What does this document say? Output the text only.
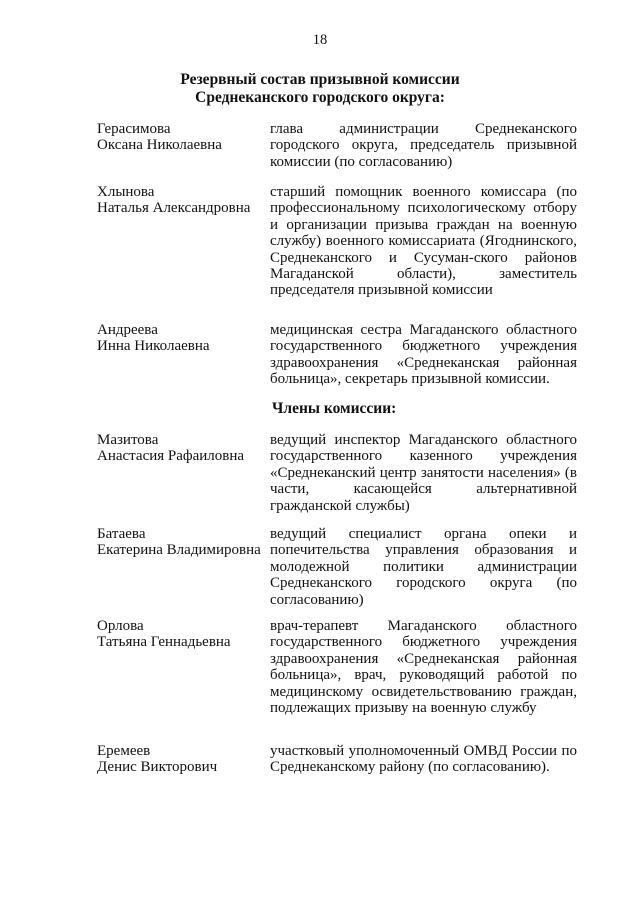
18
Резервный состав призывной комиссии
Среднеканского городского округа:
Герасимова
Оксана Николаевна
глава администрации Среднеканского городского округа, председатель призывной комиссии (по согласованию)
Хлынова
Наталья Александровна
старший помощник военного комиссара (по профессиональному психологическому отбору и организации призыва граждан на военную службу) военного комиссариата (Ягоднинского, Среднеканского и Сусуман-ского районов Магаданской области), заместитель председателя призывной комиссии
Андреева
Инна Николаевна
медицинская сестра Магаданского областного государственного бюджетного учреждения здравоохранения «Среднеканская районная больница», секретарь призывной комиссии.
Члены комиссии:
Мазитова
Анастасия Рафаиловна
ведущий инспектор Магаданского областного государственного казенного учреждения «Среднеканский центр занятости населения» (в части, касающейся альтернативной гражданской службы)
Батаева
Екатерина Владимировна
ведущий специалист органа опеки и попечительства управления образования и молодежной политики администрации Среднеканского городского округа (по согласованию)
Орлова
Татьяна Геннадьевна
врач-терапевт Магаданского областного государственного бюджетного учреждения здравоохранения «Среднеканская районная больница», врач, руководящий работой по медицинскому освидетельствованию граждан, подлежащих призыву на военную службу
Еремеев
Денис Викторович
участковый уполномоченный ОМВД России по Среднеканскому району (по согласованию).
